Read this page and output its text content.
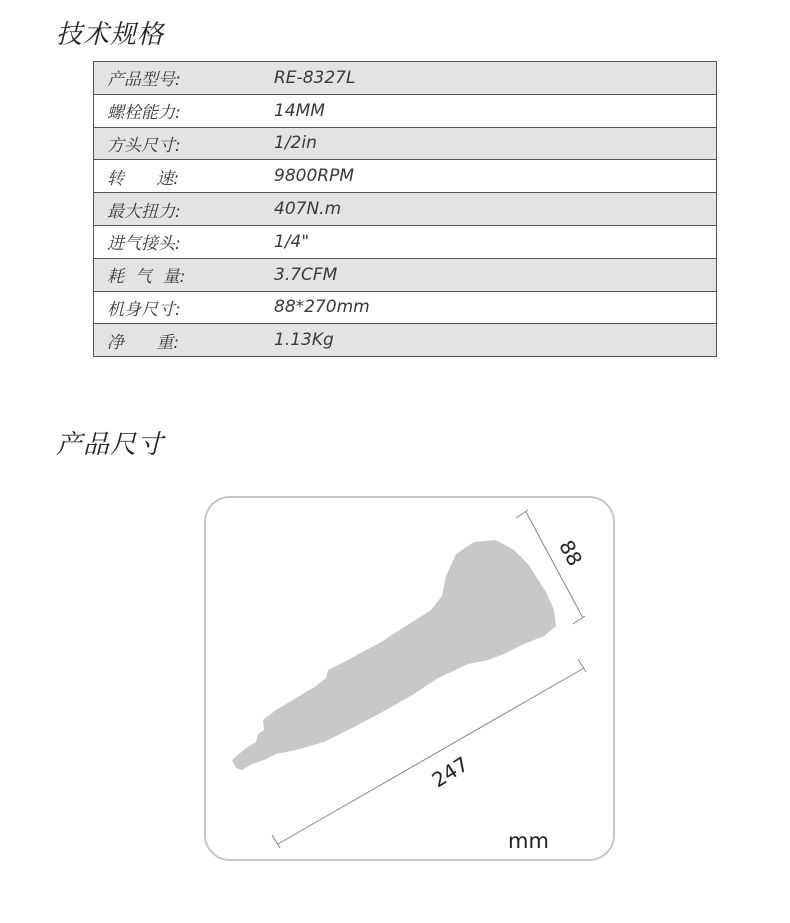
技术规格
产品型号:	RE-8327L
螺栓能力:	14MM
方头尺寸:	1/2in
转      速:	9800RPM
最大扭力:	407N.m
进气接头:	1/4"
耗  气  量:	3.7CFM
机身尺寸:	88*270mm
净      重:	1.13Kg
产品尺寸
88
247
mm
